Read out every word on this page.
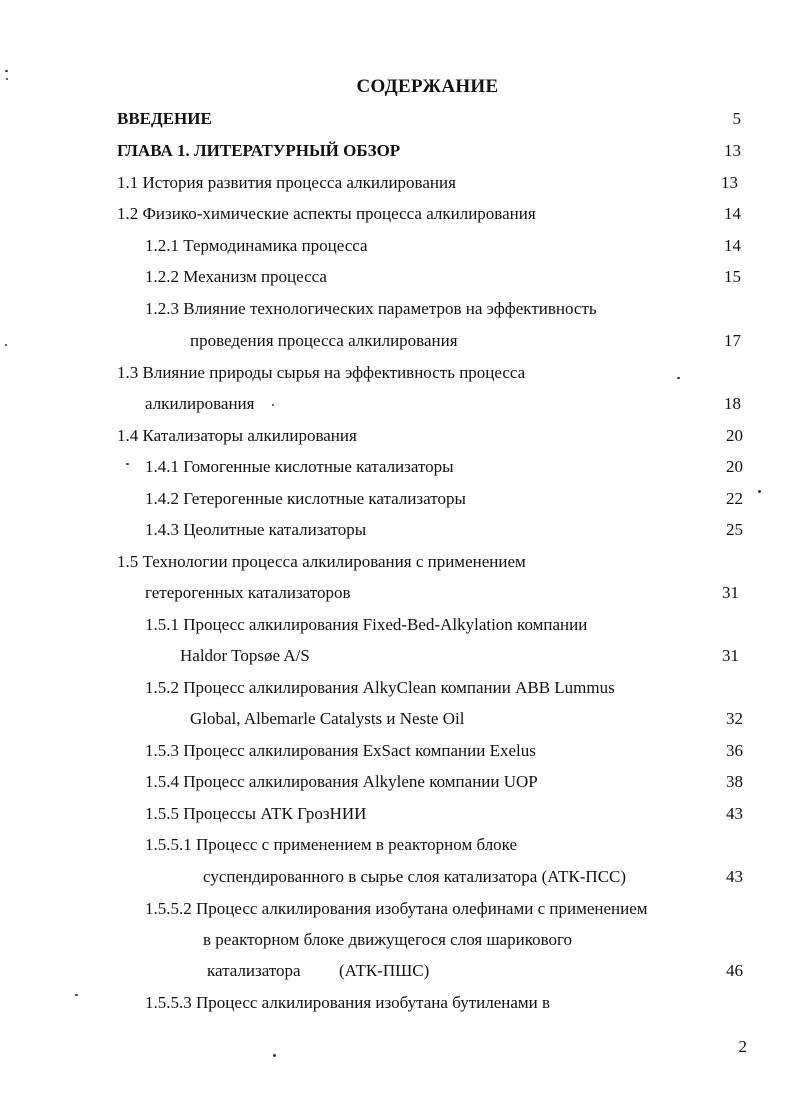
СОДЕРЖАНИЕ
ВВЕДЕНИЕ	5
ГЛАВА 1. ЛИТЕРАТУРНЫЙ ОБЗОР	13
1.1 История развития процесса алкилирования	13
1.2 Физико-химические аспекты процесса алкилирования	14
1.2.1 Термодинамика процесса	14
1.2.2 Механизм процесса	15
1.2.3 Влияние технологических параметров на эффективность
проведения процесса алкилирования	17
1.3 Влияние природы сырья на эффективность процесса
алкилирования	18
1.4 Катализаторы алкилирования	20
1.4.1 Гомогенные кислотные катализаторы	20
1.4.2 Гетерогенные кислотные катализаторы	22
1.4.3 Цеолитные катализаторы	25
1.5 Технологии процесса алкилирования с применением
гетерогенных катализаторов	31
1.5.1 Процесс алкилирования Fixed-Bed-Alkylation компании
Haldor Topsøe A/S	31
1.5.2 Процесс алкилирования AlkyClean компании ABB Lummus
Global, Albemarle Catalysts и Neste Oil	32
1.5.3 Процесс алкилирования ExSact компании Exelus	36
1.5.4 Процесс алкилирования Alkylene компании UOP	38
1.5.5 Процессы АТК ГрозНИИ	43
1.5.5.1 Процесс с применением в реакторном блоке
суспендированного в сырье слоя катализатора (АТК-ПСС)	43
1.5.5.2 Процесс алкилирования изобутана олефинами с применением
в реакторном блоке движущегося слоя шарикового
катализатора (АТК-ПШС)	46
1.5.5.3 Процесс алкилирования изобутана бутиленами в
2
